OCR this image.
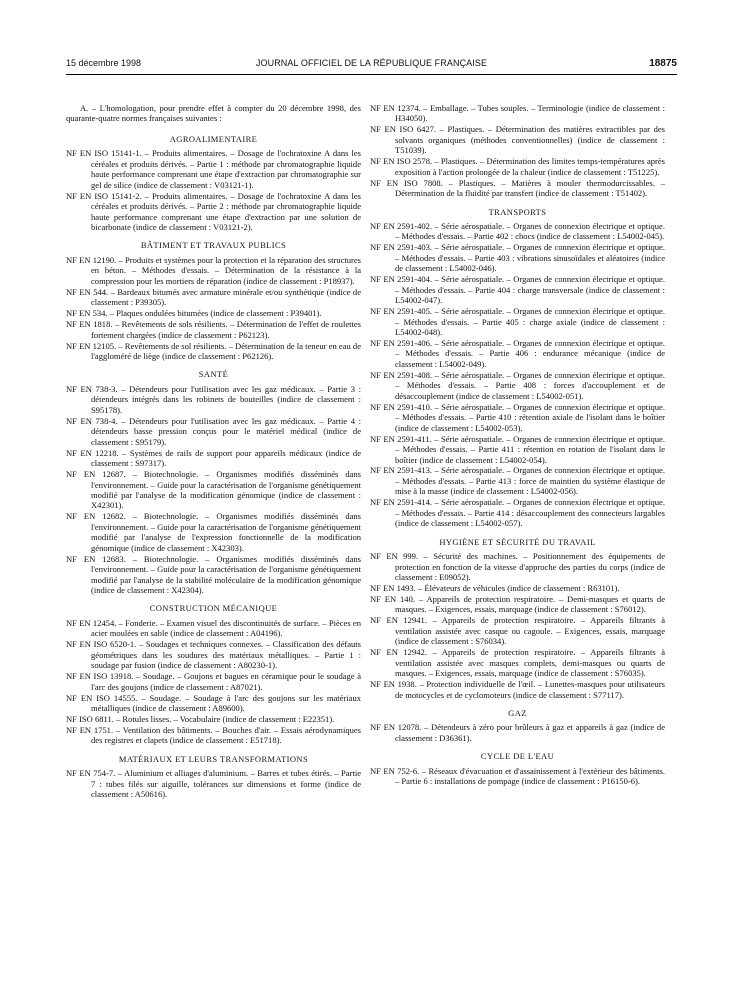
15 décembre 1998	JOURNAL OFFICIEL DE LA RÉPUBLIQUE FRANÇAISE	18875

A. – L'homologation, pour prendre effet à compter du 20 décembre 1998, des quarante-quatre normes françaises suivantes :

AGROALIMENTAIRE
NF EN ISO 15141-1. – Produits alimentaires. – Dosage de l'ochratoxine A dans les céréales et produits dérivés. – Partie 1 : méthode par chromatographie liquide haute performance comprenant une étape d'extraction par chromatographie sur gel de silice (indice de classement : V03121-1).
NF EN ISO 15141-2. – Produits alimentaires. – Dosage de l'ochratoxine A dans les céréales et produits dérivés. – Partie 2 : méthode par chromatographie liquide haute performance comprenant une étape d'extraction par une solution de bicarbonate (indice de classement : V03121-2).
BÂTIMENT ET TRAVAUX PUBLICS
NF EN 12190. – Produits et systèmes pour la protection et la réparation des structures en béton. – Méthodes d'essais. – Détermination de la résistance à la compression pour les mortiers de réparation (indice de classement : P18937).
NF EN 544. – Bardeaux bitumés avec armature minérale et/ou synthétique (indice de classement : P39305).
NF EN 534. – Plaques ondulées bitumées (indice de classement : P39401).
NF EN 1818. – Revêtements de sols résilients. – Détermination de l'effet de roulettes fortement chargées (indice de classement : P62123).
NF EN 12105. – Revêtements de sol résilients. – Détermination de la teneur en eau de l'aggloméré de liège (indice de classement : P62126).
SANTÉ
NF EN 738-3. – Détendeurs pour l'utilisation avec les gaz médicaux. – Partie 3 : détendeurs intégrés dans les robinets de bouteilles (indice de classement : S95178).
NF EN 738-4. – Détendeurs pour l'utilisation avec les gaz médicaux. – Partie 4 : détendeurs basse pression conçus pour le matériel médical (indice de classement : S95179).
NF EN 12218. – Systèmes de rails de support pour appareils médicaux (indice de classement : S97317).
NF EN 12687. – Biotechnologie. – Organismes modifiés disséminés dans l'environnement. – Guide pour la caractérisation de l'organisme génétiquement modifié par l'analyse de la modification génomique (indice de classement : X42301).
NF EN 12682. – Biotechnologie. – Organismes modifiés disséminés dans l'environnement. – Guide pour la caractérisation de l'organisme génétiquement modifié par l'analyse de l'expression fonctionnelle de la modification génomique (indice de classement : X42303).
NF EN 12683. – Biotechnologie. – Organismes modifiés disséminés dans l'environnement. – Guide pour la caractérisation de l'organisme génétiquement modifié par l'analyse de la stabilité moléculaire de la modification génomique (indice de classement : X42304).
CONSTRUCTION MÉCANIQUE
NF EN 12454. – Fonderie. – Examen visuel des discontinuités de surface. – Pièces en acier moulées en sable (indice de classement : A04196).
NF EN ISO 6520-1. – Soudages et techniques connexes. – Classification des défauts géométriques dans les soudures des matériaux métalliques. – Partie 1 : soudage par fusion (indice de classement : A80230-1).
NF EN ISO 13918. – Soudage. – Goujons et bagues en céramique pour le soudage à l'arc des goujons (indice de classement : A87021).
NF EN ISO 14555. – Soudage. – Soudage à l'arc des goujons sur les matériaux métalliques (indice de classement : A89600).
NF ISO 6811. – Rotules lisses. – Vocabulaire (indice de classement : E22351).
NF EN 1751. – Ventilation des bâtiments. – Bouches d'air. – Essais aérodynamiques des registres et clapets (indice de classement : E51718).
MATÉRIAUX ET LEURS TRANSFORMATIONS
NF EN 754-7. – Aluminium et alliages d'aluminium. – Barres et tubes étirés. – Partie 7 : tubes filés sur aiguille, tolérances sur dimensions et forme (indice de classement : A50616).
NF EN 12374. – Emballage. – Tubes souples. – Terminologie (indice de classement : H34050).
NF EN ISO 6427. – Plastiques. – Détermination des matières extractibles par des solvants organiques (méthodes conventionnelles) (indice de classement : T51039).
NF EN ISO 2578. – Plastiques. – Détermination des limites temps-températures après exposition à l'action prolongée de la chaleur (indice de classement : T51225).
NF EN ISO 7808. – Plastiques. – Matières à mouler thermodurcissables. – Détermination de la fluidité par transfert (indice de classement : T51402).
TRANSPORTS
NF EN 2591-402. – Série aérospatiale. – Organes de connexion électrique et optique. – Méthodes d'essais. – Partie 402 : chocs (indice de classement : L54002-045).
NF EN 2591-403. – Série aérospatiale. – Organes de connexion électrique et optique. – Méthodes d'essais. – Partie 403 : vibrations sinusoïdales et aléatoires (indice de classement : L54002-046).
NF EN 2591-404. – Série aérospatiale. – Organes de connexion électrique et optique. – Méthodes d'essais. – Partie 404 : charge transversale (indice de classement : L54002-047).
NF EN 2591-405. – Série aérospatiale. – Organes de connexion électrique et optique. – Méthodes d'essais. – Partie 405 : charge axiale (indice de classement : L54002-048).
NF EN 2591-406. – Série aérospatiale. – Organes de connexion électrique et optique. – Méthodes d'essais. – Partie 406 : endurance mécanique (indice de classement : L54002-049).
NF EN 2591-408. – Série aérospatiale. – Organes de connexion électrique et optique. – Méthodes d'essais. – Partie 408 : forces d'accouplement et de désaccouplement (indice de classement : L54002-051).
NF EN 2591-410. – Série aérospatiale. – Organes de connexion électrique et optique. – Méthodes d'essais. – Partie 410 : rétention axiale de l'isolant dans le boîtier (indice de classement : L54002-053).
NF EN 2591-411. – Série aérospatiale. – Organes de connexion électrique et optique. – Méthodes d'essais. – Partie 411 : rétention en rotation de l'isolant dans le boîtier (indice de classement : L54002-054).
NF EN 2591-413. – Série aérospatiale. – Organes de connexion électrique et optique. – Méthodes d'essais. – Partie 413 : force de maintien du système élastique de mise à la masse (indice de classement : L54002-056).
NF EN 2591-414. – Série aérospatiale. – Organes de connexion électrique et optique. – Méthodes d'essais. – Partie 414 : désaccouplement des connecteurs largables (indice de classement : L54002-057).
HYGIÈNE ET SÉCURITÉ DU TRAVAIL
NF EN 999. – Sécurité des machines. – Positionnement des équipements de protection en fonction de la vitesse d'approche des parties du corps (indice de classement : E09052).
NF EN 1493. – Élévateurs de véhicules (indice de classement : R63101).
NF EN 140. – Appareils de protection respiratoire. – Demi-masques et quarts de masques. – Exigences, essais, marquage (indice de classement : S76012).
NF EN 12941. – Appareils de protection respiratoire. – Appareils filtrants à ventilation assistée avec casque ou cagoule. – Exigences, essais, marquage (indice de classement : S76034).
NF EN 12942. – Appareils de protection respiratoire. – Appareils filtrants à ventilation assistée avec masques complets, demi-masques ou quarts de masques. – Exigences, essais, marquage (indice de classement : S76035).
NF EN 1938. – Protection individuelle de l'œil. – Lunettes-masques pour utilisateurs de motocycles et de cyclomoteurs (indice de classement : S77117).
GAZ
NF EN 12078. – Détendeurs à zéro pour brûleurs à gaz et appareils à gaz (indice de classement : D36361).
CYCLE DE L'EAU
NF EN 752-6. – Réseaux d'évacuation et d'assainissement à l'extérieur des bâtiments. – Partie 6 : installations de pompage (indice de classement : P16150-6).
